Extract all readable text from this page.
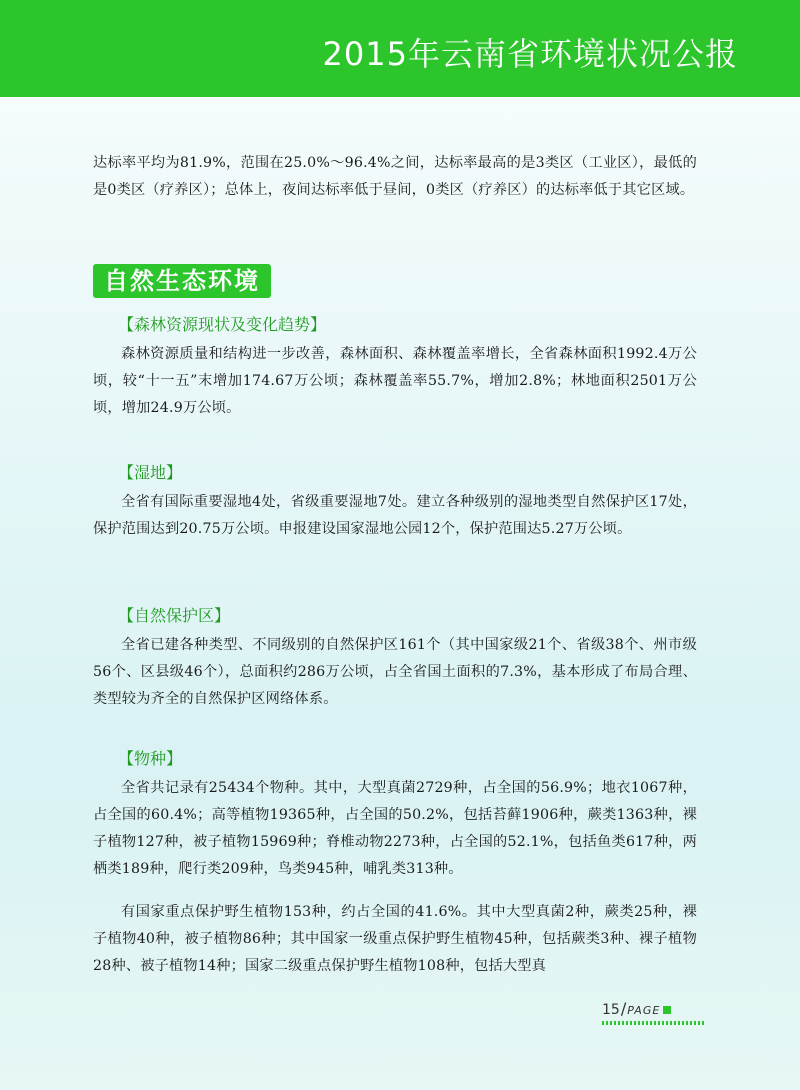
2015年云南省环境状况公报

达标率平均为81.9%，范围在25.0%～96.4%之间，达标率最高的是3类区（工业区），最低的是0类区（疗养区）；总体上，夜间达标率低于昼间，0类区（疗养区）的达标率低于其它区域。

自然生态环境
【森林资源现状及变化趋势】

森林资源质量和结构进一步改善，森林面积、森林覆盖率增长，全省森林面积1992.4万公顷，较“十一五”末增加174.67万公顷；森林覆盖率55.7%，增加2.8%；林地面积2501万公顷，增加24.9万公顷。

【湿地】

全省有国际重要湿地4处，省级重要湿地7处。建立各种级别的湿地类型自然保护区17处，保护范围达到20.75万公顷。申报建设国家湿地公园12个，保护范围达5.27万公顷。

【自然保护区】

全省已建各种类型、不同级别的自然保护区161个（其中国家级21个、省级38个、州市级56个、区县级46个），总面积约286万公顷，占全省国土面积的7.3%，基本形成了布局合理、类型较为齐全的自然保护区网络体系。

【物种】

全省共记录有25434个物种。其中，大型真菌2729种，占全国的56.9%；地衣1067种，占全国的60.4%；高等植物19365种，占全国的50.2%，包括苔藓1906种，蕨类1363种，裸子植物127种，被子植物15969种；脊椎动物2273种，占全国的52.1%，包括鱼类617种，两栖类189种，爬行类209种，鸟类945种，哺乳类313种。

有国家重点保护野生植物153种，约占全国的41.6%。其中大型真菌2种，蕨类25种，裸子植物40种，被子植物86种；其中国家一级重点保护野生植物45种，包括蕨类3种、裸子植物28种、被子植物14种；国家二级重点保护野生植物108种，包括大型真

15/PAGE
